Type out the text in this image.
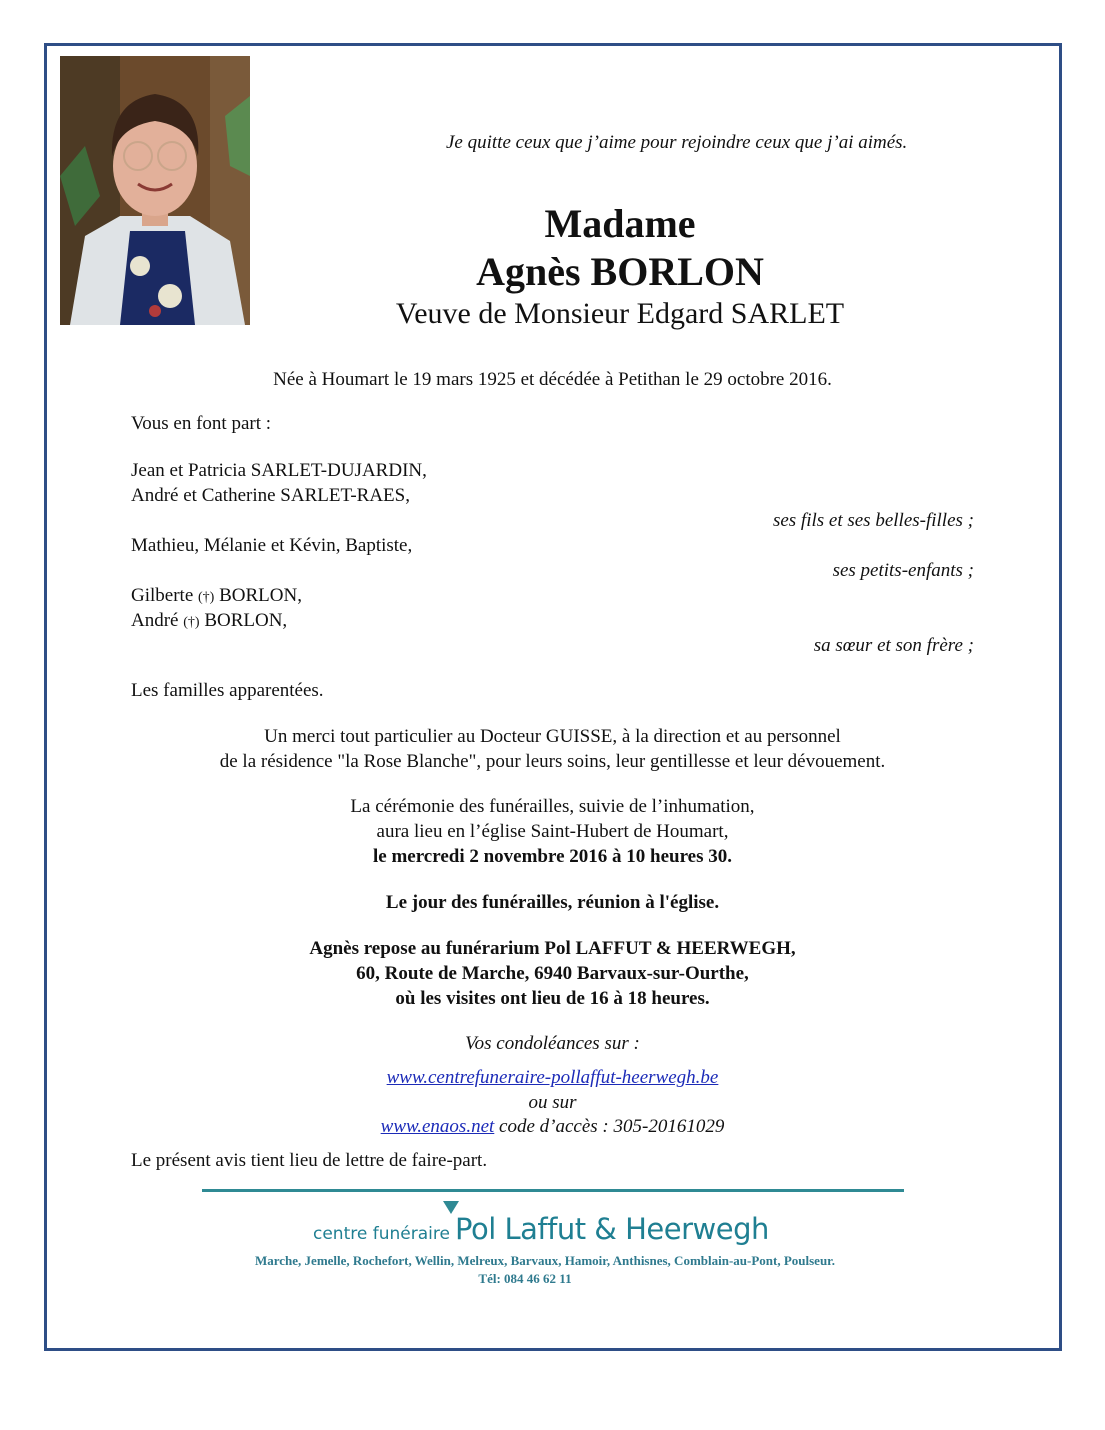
Je quitte ceux que j’aime pour rejoindre ceux que j’ai aimés.
Madame
Agnès BORLON
Veuve de Monsieur Edgard SARLET
Née à Houmart le 19 mars 1925 et décédée à Petithan le 29 octobre 2016.
Vous en font part :
Jean et Patricia SARLET-DUJARDIN,
André et Catherine SARLET-RAES,
ses fils et ses belles-filles ;
Mathieu, Mélanie et Kévin, Baptiste,
ses petits-enfants ;
Gilberte (†) BORLON,
André (†) BORLON,
sa sœur et son frère ;
Les familles apparentées.
Un merci tout particulier au Docteur GUISSE, à la direction et au personnel
de la résidence "la Rose Blanche", pour leurs soins, leur gentillesse et leur dévouement.
La cérémonie des funérailles, suivie de l’inhumation,
aura lieu en l’église Saint-Hubert de Houmart,
le mercredi 2 novembre 2016 à 10 heures 30.
Le jour des funérailles, réunion à l'église.
Agnès repose au funérarium Pol LAFFUT & HEERWEGH,
60, Route de Marche, 6940 Barvaux-sur-Ourthe,
où les visites ont lieu de 16 à 18 heures.
Vos condoléances sur :
www.centrefuneraire-pollaffut-heerwegh.be
ou sur
www.enaos.net code d’accès : 305-20161029
Le présent avis tient lieu de lettre de faire-part.
centre funéraire Pol Laffut & Heerwegh
Marche, Jemelle, Rochefort, Wellin, Melreux, Barvaux, Hamoir, Anthisnes, Comblain-au-Pont, Poulseur.
Tél: 084 46 62 11
